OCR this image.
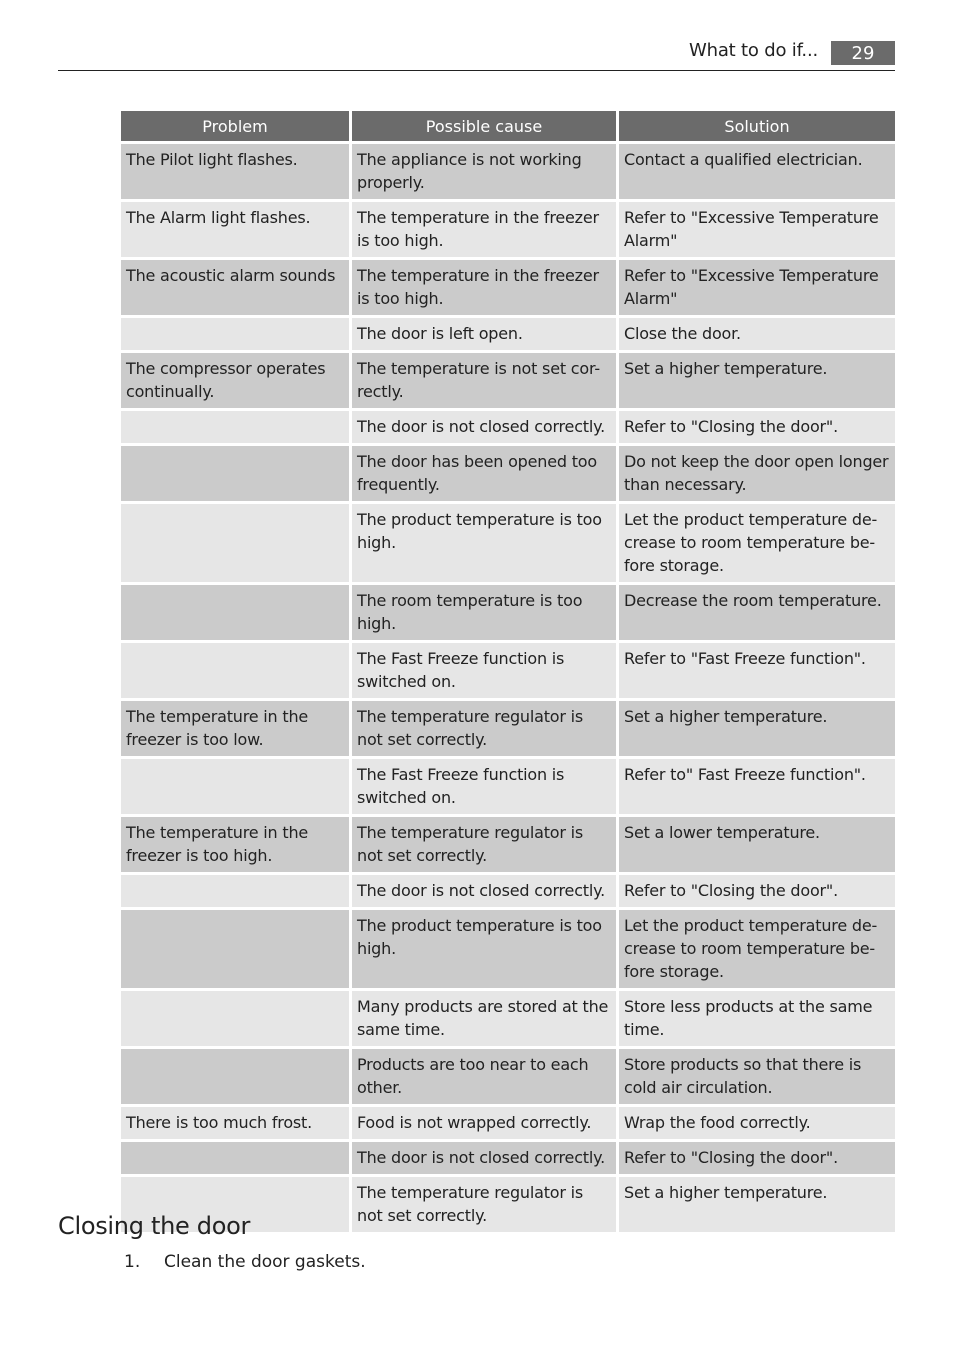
What to do if...	29
Problem	Possible cause	Solution
The Pilot light flashes.	The appliance is not working properly.	Contact a qualified electrician.
The Alarm light flashes.	The temperature in the freezer is too high.	Refer to "Excessive Temperature Alarm"
The acoustic alarm sounds	The temperature in the freezer is too high.	Refer to "Excessive Temperature Alarm"
	The door is left open.	Close the door.
The compressor operates continually.	The temperature is not set cor-rectly.	Set a higher temperature.
	The door is not closed correctly.	Refer to "Closing the door".
	The door has been opened too frequently.	Do not keep the door open longer than necessary.
	The product temperature is too high.	Let the product temperature de-crease to room temperature be-fore storage.
	The room temperature is too high.	Decrease the room temperature.
	The Fast Freeze function is switched on.	Refer to "Fast Freeze function".
The temperature in the freezer is too low.	The temperature regulator is not set correctly.	Set a higher temperature.
	The Fast Freeze function is switched on.	Refer to" Fast Freeze function".
The temperature in the freezer is too high.	The temperature regulator is not set correctly.	Set a lower temperature.
	The door is not closed correctly.	Refer to "Closing the door".
	The product temperature is too high.	Let the product temperature de-crease to room temperature be-fore storage.
	Many products are stored at the same time.	Store less products at the same time.
	Products are too near to each other.	Store products so that there is cold air circulation.
There is too much frost.	Food is not wrapped correctly.	Wrap the food correctly.
	The door is not closed correctly.	Refer to "Closing the door".
	The temperature regulator is not set correctly.	Set a higher temperature.
Closing the door
1. Clean the door gaskets.
